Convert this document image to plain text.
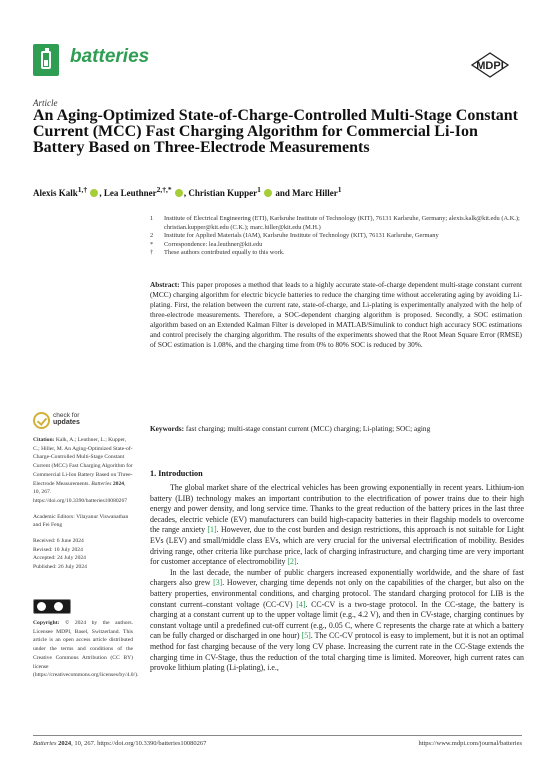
batteries	MDPI
Article
An Aging-Optimized State-of-Charge-Controlled Multi-Stage Constant Current (MCC) Fast Charging Algorithm for Commercial Li-Ion Battery Based on Three-Electrode Measurements
Alexis Kalk$^{1,\dagger}$ , Lea Leuthner$^{2,\dagger,*}$ , Christian Kupper$^1$ and Marc Hiller$^1$
1	Institute of Electrical Engineering (ETI), Karlsruhe Institute of Technology (KIT), 76131 Karlsruhe, Germany; alexis.kalk@kit.edu (A.K.); christian.kupper@kit.edu (C.K.); marc.hiller@kit.edu (M.H.)
2	Institute for Applied Materials (IAM), Karlsruhe Institute of Technology (KIT), 76131 Karlsruhe, Germany
*	Correspondence: lea.leuthner@kit.edu
†	These authors contributed equally to this work.
Abstract: This paper proposes a method that leads to a highly accurate state-of-charge dependent multi-stage constant current (MCC) charging algorithm for electric bicycle batteries to reduce the charging time without accelerating aging by avoiding Li-plating. First, the relation between the current rate, state-of-charge, and Li-plating is experimentally analyzed with the help of three-electrode measurements. Therefore, a SOC-dependent charging algorithm is proposed. Secondly, a SOC estimation algorithm based on an Extended Kalman Filter is developed in MATLAB/Simulink to conduct high accuracy SOC estimations and control precisely the charging algorithm. The results of the experiments showed that the Root Mean Square Error (RMSE) of SOC estimation is 1.08%, and the charging time from 0% to 80% SOC is reduced by 30%.
Keywords: fast charging; multi-stage constant current (MCC) charging; Li-plating; SOC; aging
check for
updates

Citation: Kalk, A.; Leuthner, L.; Kupper, C.; Hiller, M. An Aging-Optimized State-of-Charge-Controlled Multi-Stage Constant Current (MCC) Fast Charging Algorithm for Commercial Li-Ion Battery Based on Three-Electrode Measurements. Batteries 2024, 10, 267. https://doi.org/10.3390/batteries10080267

Academic Editors: Vilayanur Viswanathan and Fei Feng

Received: 6 June 2024

Revised: 10 July 2024

Accepted: 24 July 2024

Published: 26 July 2024

Copyright: © 2024 by the authors. Licensee MDPI, Basel, Switzerland. This article is an open access article distributed under the terms and conditions of the Creative Commons Attribution (CC BY) license (https://creativecommons.org/licenses/by/4.0/).
1. Introduction

The global market share of the electrical vehicles has been growing exponentially in recent years. Lithium-ion battery (LIB) technology makes an important contribution to the electrification of power trains due to their high energy and power density, and long service time. Thanks to the great reduction of the battery prices in the last three decades, electric vehicle (EV) manufacturers can build high-capacity batteries in their flagship models to overcome the range anxiety [1]. However, due to the cost burden and design restrictions, this approach is not suitable for Light EVs (LEV) and small/middle class EVs, which are very crucial for the universal electrification of mobility. Besides driving range, other criteria like purchase price, lack of charging infrastructure, and charging time are very important for customer acceptance of electromobility [2].

In the last decade, the number of public chargers increased exponentially worldwide, and the share of fast chargers also grew [3]. However, charging time depends not only on the capabilities of the charger, but also on the battery properties, environmental conditions, and charging protocol. The standard charging protocol for LIB is the constant current–constant voltage (CC-CV) [4]. CC-CV is a two-stage protocol. In the CC-stage, the battery is charging at a constant current up to the upper voltage limit (e.g., 4.2 V), and then in CV-stage, charging continues by constant voltage until a predefined cut-off current (e.g., 0.05 C, where C represents the charge rate at which a battery can be fully charged or discharged in one hour) [5]. The CC-CV protocol is easy to implement, but it is not an optimal method for fast charging because of the very long CV phase. Increasing the current rate in the CC-Stage extends the charging time in CV-Stage, thus the reduction of the total charging time is limited. Moreover, high current rates can provoke lithium plating (Li-plating), i.e.,

Batteries 2024, 10, 267. https://doi.org/10.3390/batteries10080267	https://www.mdpi.com/journal/batteries
